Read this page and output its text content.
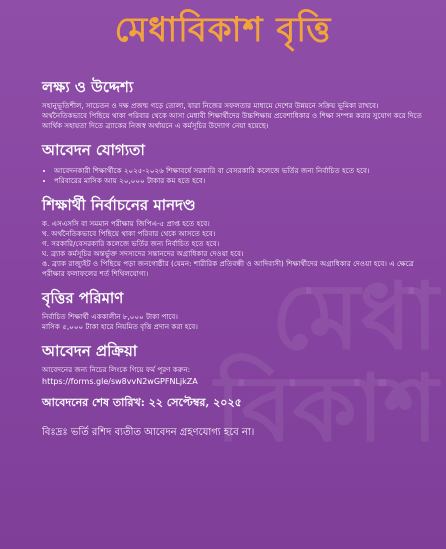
মেধা
বিকাশ
মেধাবিকাশ বৃত্তি
লক্ষ্য ও উদ্দেশ্য

সহানুভূতিশীল, সাচেতন ও দক্ষ প্রজন্ম গড়ে তোলা, যারা নিজের সফলতার মাধ্যমে দেশের উন্নয়নে সক্রিয় ভূমিকা রাখবে। অর্থনৈতিকভাবে পিছিয়ে থাকা পরিবার থেকে আসা মেধাবী শিক্ষার্থীদের উচ্চশিক্ষায় প্রবেশাধিকার ও শিক্ষা সম্পন্ন করার সুযোগ করে দিতে আর্থিক সহায়তা দিতে ব্র্যাকের নিজস্ব অর্থায়নে এ কর্মসূচির উদ্যোগ নেয়া হয়েছে।

আবেদন যোগ্যতা
• আবেদনকারী শিক্ষার্থীকে ২০২৫-২০২৬ শিক্ষাবর্ষে সরকারি বা বেসরকারি কলেজে ভর্তির জন্য নির্বাচিত হতে হবে।
• পরিবারের মাসিক আয় ২০,০০০ টাকার কম হতে হবে।
শিক্ষার্থী নির্বাচনের মানদণ্ড
ক. এসএসসি বা সমমান পরীক্ষায় জিপিএ-৫ প্রাপ্ত হতে হবে।
খ. অর্থনৈতিকভাবে পিছিয়ে থাকা পরিবার থেকে আসতে হবে।
গ. সরকারি/বেসরকারি কলেজে ভর্তির জন্য নির্বাচিত হতে হবে।
ঘ. ব্র্যাক কর্মসূচির অন্তর্ভুক্ত সদস্যদের সন্তানদের অগ্রাধিকার দেওয়া হবে।
ঙ. ব্র্যাক রাজ্যুইট ও পিছিয়ে পড়া জনগোষ্ঠীর (যেমন: শারীরিক প্রতিবন্ধী ও আদিবাসী) শিক্ষার্থীদের অগ্রাধিকার দেওয়া হবে। এ ক্ষেত্রে পরীক্ষার ফলাফলের শর্ত শিথিলযোগ্য।
বৃত্তির পরিমাণ
নির্বাচিত শিক্ষার্থী এককালীন ৮,০০০ টাকা পাবে।
মাসিক ৫,০০০ টাকা হারে নিয়মিত বৃত্তি প্রদান করা হবে।
আবেদন প্রক্রিয়া
আবেদনের জন্য নিচের লিংকে গিয়ে ফর্ম পূরণ করুন:
https://forms.gle/sw8vvN2wGPFNLjkZA
আবেদনের শেষ তারিখ: ২২ সেপ্টেম্বর, ২০২৫
বিঃদ্রঃ ভর্তি রশিদ ব্যতীত আবেদন গ্রহণযোগ্য হবে না।
